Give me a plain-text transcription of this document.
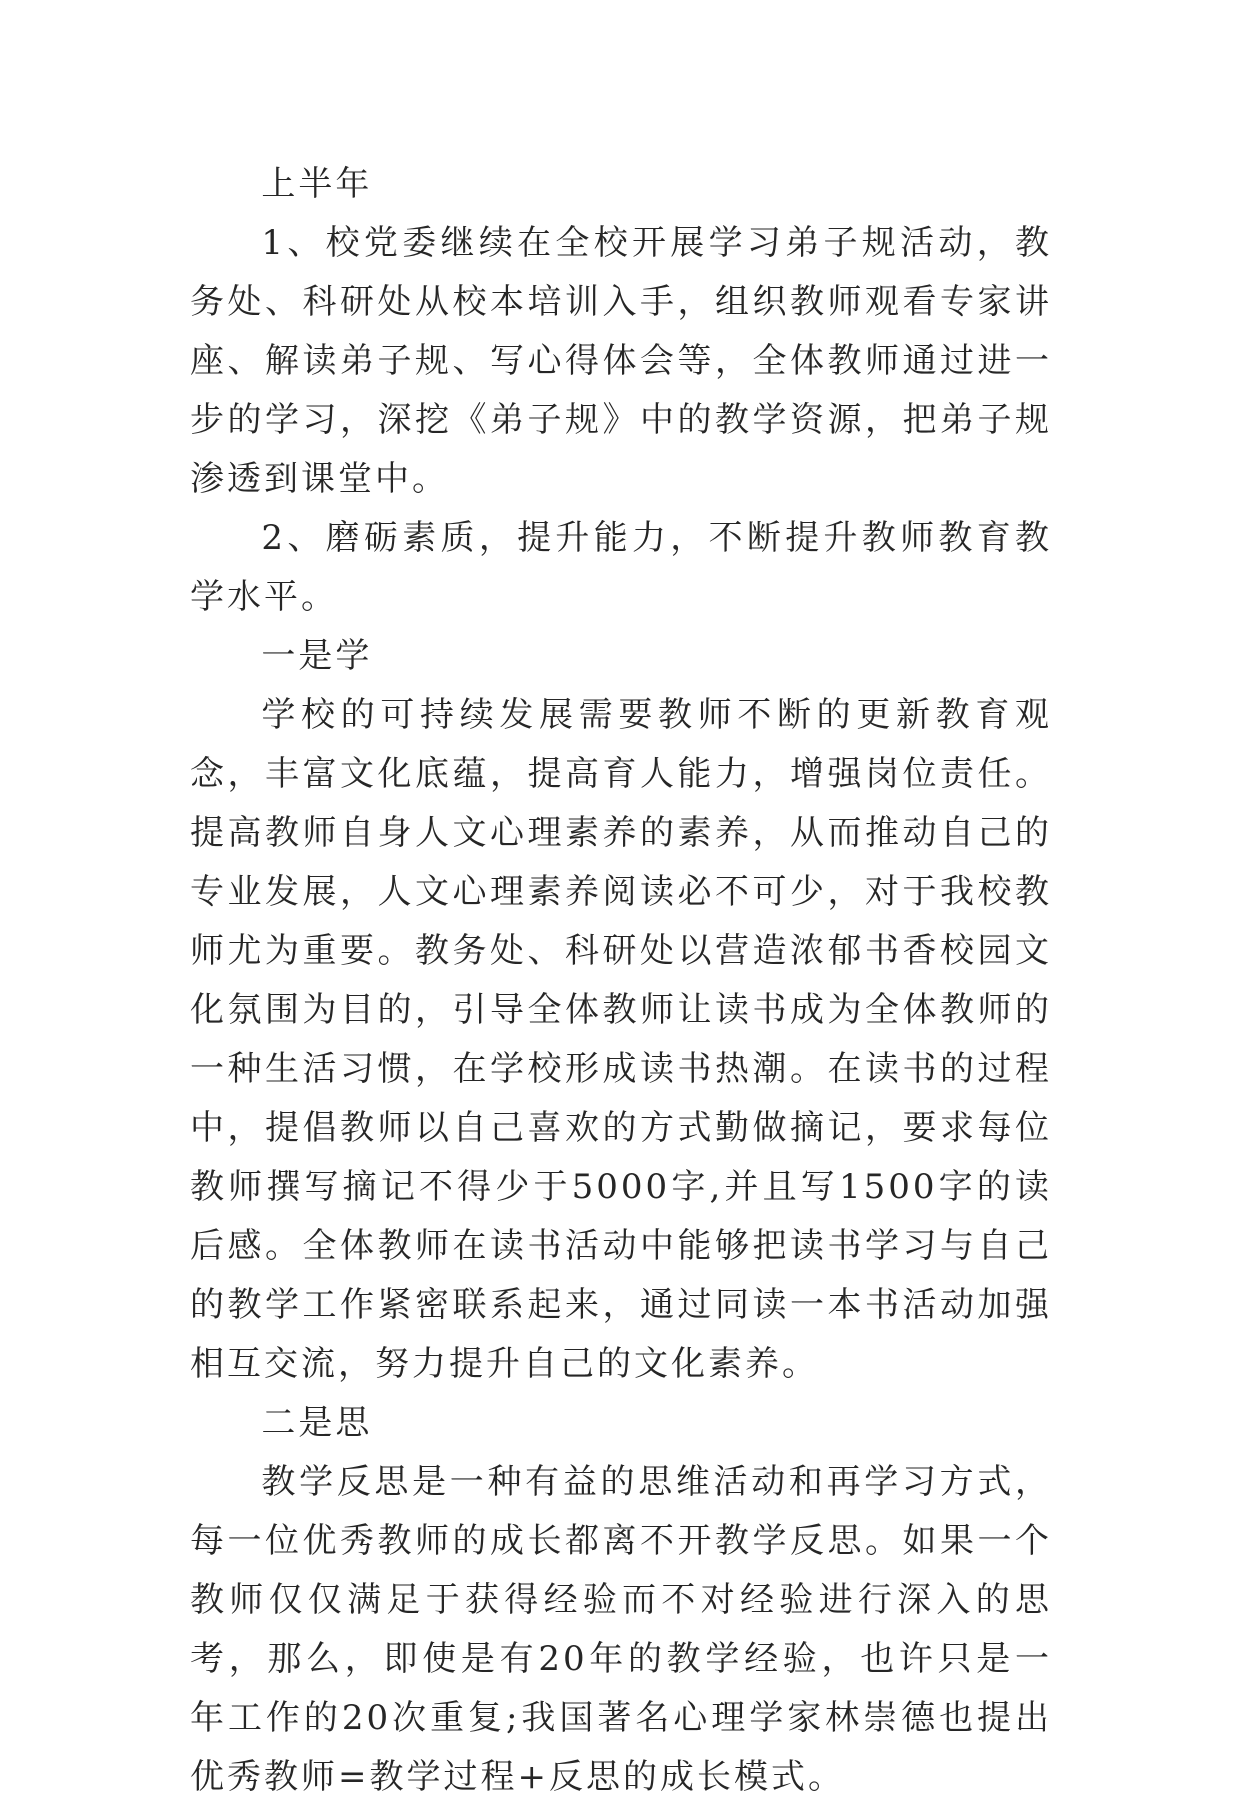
上半年

1、校党委继续在全校开展学习弟子规活动，教务处、科研处从校本培训入手，组织教师观看专家讲座、解读弟子规、写心得体会等，全体教师通过进一步的学习，深挖《弟子规》中的教学资源，把弟子规渗透到课堂中。

2、磨砺素质，提升能力，不断提升教师教育教学水平。

一是学

学校的可持续发展需要教师不断的更新教育观念，丰富文化底蕴，提高育人能力，增强岗位责任。提高教师自身人文心理素养的素养，从而推动自己的专业发展，人文心理素养阅读必不可少，对于我校教师尤为重要。教务处、科研处以营造浓郁书香校园文化氛围为目的，引导全体教师让读书成为全体教师的一种生活习惯，在学校形成读书热潮。在读书的过程中，提倡教师以自己喜欢的方式勤做摘记，要求每位教师撰写摘记不得少于5000字,并且写1500字的读后感。全体教师在读书活动中能够把读书学习与自己的教学工作紧密联系起来，通过同读一本书活动加强相互交流，努力提升自己的文化素养。

二是思

教学反思是一种有益的思维活动和再学习方式，每一位优秀教师的成长都离不开教学反思。如果一个教师仅仅满足于获得经验而不对经验进行深入的思考，那么，即使是有20年的教学经验，也许只是一年工作的20次重复;我国著名心理学家林崇德也提出优秀教师=教学过程+反思的成长模式。
